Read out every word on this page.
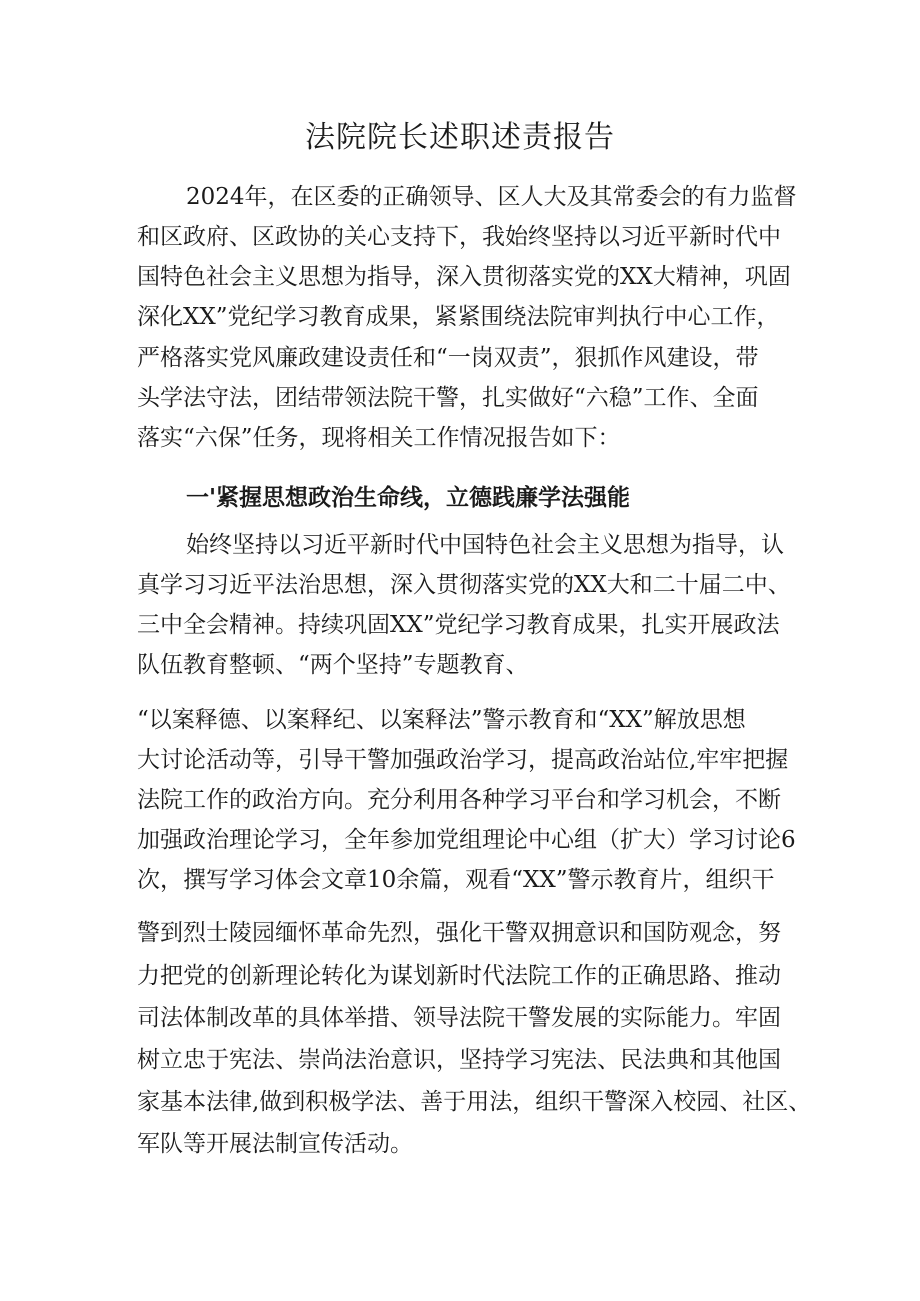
法院院长述职述责报告

2024年，在区委的正确领导、区人大及其常委会的有力监督

和区政府、区政协的关心支持下，我始终坚持以习近平新时代中

国特色社会主义思想为指导，深入贯彻落实党的XX大精神，巩固

深化XX”党纪学习教育成果，紧紧围绕法院审判执行中心工作，

严格落实党风廉政建设责任和“一岗双责”，狠抓作风建设，带

头学法守法，团结带领法院干警，扎实做好“六稳”工作、全面

落实“六保”任务，现将相关工作情况报告如下：

一'紧握思想政治生命线，立德践廉学法强能

始终坚持以习近平新时代中国特色社会主义思想为指导，认

真学习习近平法治思想，深入贯彻落实党的XX大和二十届二中、

三中全会精神。持续巩固XX”党纪学习教育成果，扎实开展政法

队伍教育整顿、“两个坚持”专题教育、

“以案释德、以案释纪、以案释法”警示教育和“XX”解放思想

大讨论活动等，引导干警加强政治学习，提高政治站位,牢牢把握

法院工作的政治方向。充分利用各种学习平台和学习机会，不断

加强政治理论学习，全年参加党组理论中心组（扩大）学习讨论6

次，撰写学习体会文章10余篇，观看“XX”警示教育片，组织干

警到烈士陵园缅怀革命先烈，强化干警双拥意识和国防观念，努

力把党的创新理论转化为谋划新时代法院工作的正确思路、推动

司法体制改革的具体举措、领导法院干警发展的实际能力。牢固

树立忠于宪法、崇尚法治意识，坚持学习宪法、民法典和其他国

家基本法律,做到积极学法、善于用法，组织干警深入校园、社区、

军队等开展法制宣传活动。
